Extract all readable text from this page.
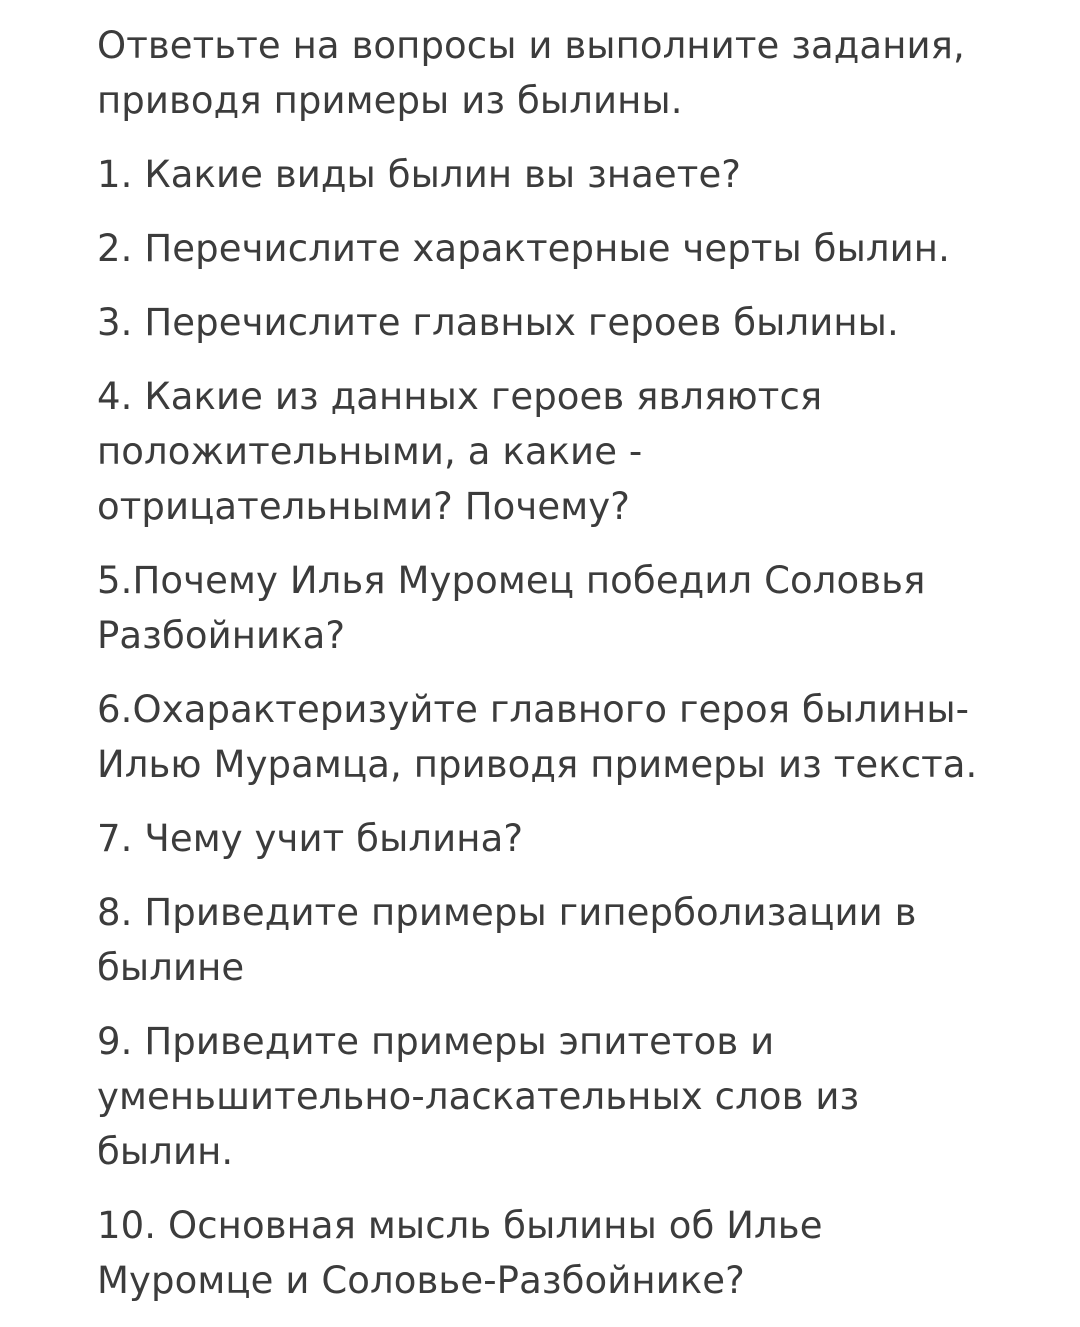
Ответьте на вопросы и выполните задания,
приводя примеры из былины.

1. Какие виды былин вы знаете?

2. Перечислите характерные черты былин.

3. Перечислите главных героев былины.

4. Какие из данных героев являются
положительными, а какие -
отрицательными? Почему?

5.Почему Илья Муромец победил Соловья
Разбойника?

6.Охарактеризуйте главного героя былины-
Илью Мурамца, приводя примеры из текста.

7. Чему учит былина?

8. Приведите примеры гиперболизации в
былине

9. Приведите примеры эпитетов и
уменьшительно-ласкательных слов из
былин.

10. Основная мысль былины об Илье
Муромце и Соловье-Разбойнике?
